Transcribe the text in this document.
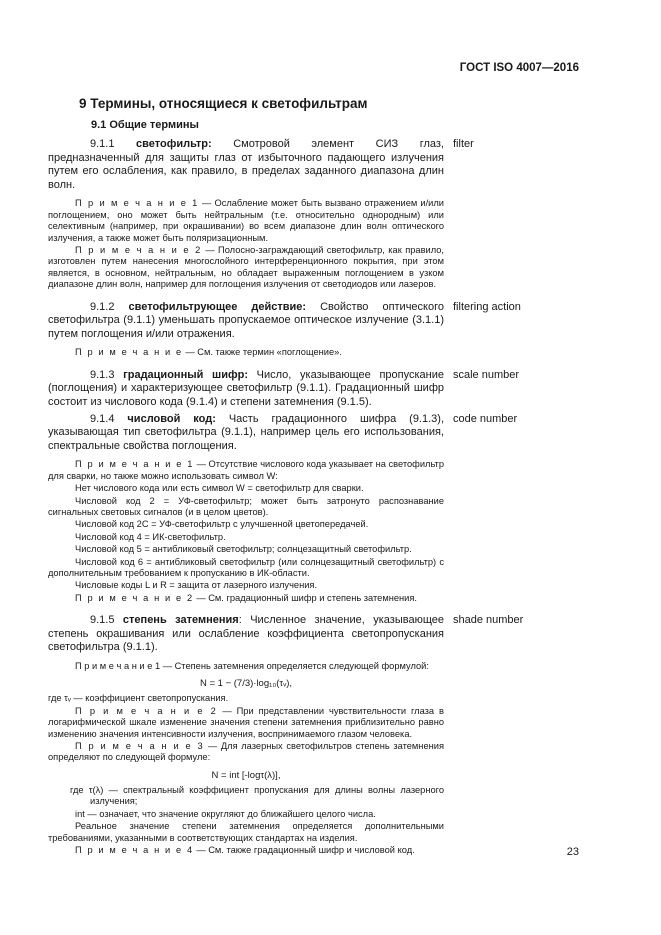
ГОСТ ISO 4007—2016
9 Термины, относящиеся к светофильтрам
9.1 Общие термины
filter

9.1.1 светофильтр: Смотровой элемент СИЗ глаз, предназначенный для защиты глаз от избыточного падающего излучения путем его ослабления, как правило, в пределах заданного диапазона длин волн.

П р и м е ч а н и е 1 — Ослабление может быть вызвано отражением и/или поглощением, оно может быть нейтральным (т.е. относительно однородным) или селективным (например, при окрашивании) во всем диапазоне длин волн оптического излучения, а также может быть поляризационным.

П р и м е ч а н и е 2 — Полосно-заграждающий светофильтр, как правило, изготовлен путем нанесения многослойного интерференционного покрытия, при этом является, в основном, нейтральным, но обладает выраженным поглощением в узком диапазоне длин волн, например для поглощения излучения от светодиодов или лазеров.

filtering action

9.1.2 светофильтрующее действие: Свойство оптического светофильтра (9.1.1) уменьшать пропускаемое оптическое излучение (3.1.1) путем поглощения и/или отражения.

П р и м е ч а н и е — См. также термин «поглощение».

scale number

9.1.3 градационный шифр: Число, указывающее пропускание (поглощения) и характеризующее светофильтр (9.1.1). Градационный шифр состоит из числового кода (9.1.4) и степени затемнения (9.1.5).

code number

9.1.4 числовой код: Часть градационного шифра (9.1.3), указывающая тип светофильтра (9.1.1), например цель его использования, спектральные свойства поглощения.

П р и м е ч а н и е 1 — Отсутствие числового кода указывает на светофильтр для сварки, но также можно использовать символ W:

Нет числового кода или есть символ W = светофильтр для сварки.

Числовой код 2 = УФ-светофильтр; может быть затронуто распознавание сигнальных световых сигналов (и в целом цветов).

Числовой код 2С = УФ-светофильтр с улучшенной цветопередачей.

Числовой код 4 = ИК-светофильтр.

Числовой код 5 = антибликовый светофильтр; солнцезащитный светофильтр.

Числовой код 6 = антибликовый светофильтр (или солнцезащитный светофильтр) с дополнительным требованием к пропусканию в ИК-области.

Числовые коды L и R = защита от лазерного излучения.

П р и м е ч а н и е 2 — См. градационный шифр и степень затемнения.

shade number

9.1.5 степень затемнения: Численное значение, указывающее степень окрашивания или ослабление коэффициента светопропускания светофильтра (9.1.1).

П р и м е ч а н и е 1 — Степень затемнения определяется следующей формулой:

N = 1 − (7/3)·log₁₀(τᵥ),

где τᵥ — коэффициент светопропускания.

П р и м е ч а н и е 2 — При представлении чувствительности глаза в логарифмической шкале изменение значения степени затемнения приблизительно равно изменению значения интенсивности излучения, воспринимаемого глазом человека.

П р и м е ч а н и е 3 — Для лазерных светофильтров степень затемнения определяют по следующей формуле:

N = int [-logτ(λ)],

где τ(λ) — спектральный коэффициент пропускания для длины волны лазерного излучения;

int — означает, что значение округляют до ближайшего целого числа.

Реальное значение степени затемнения определяется дополнительными требованиями, указанными в соответствующих стандартах на изделия.

П р и м е ч а н и е 4 — См. также градационный шифр и числовой код.	23
